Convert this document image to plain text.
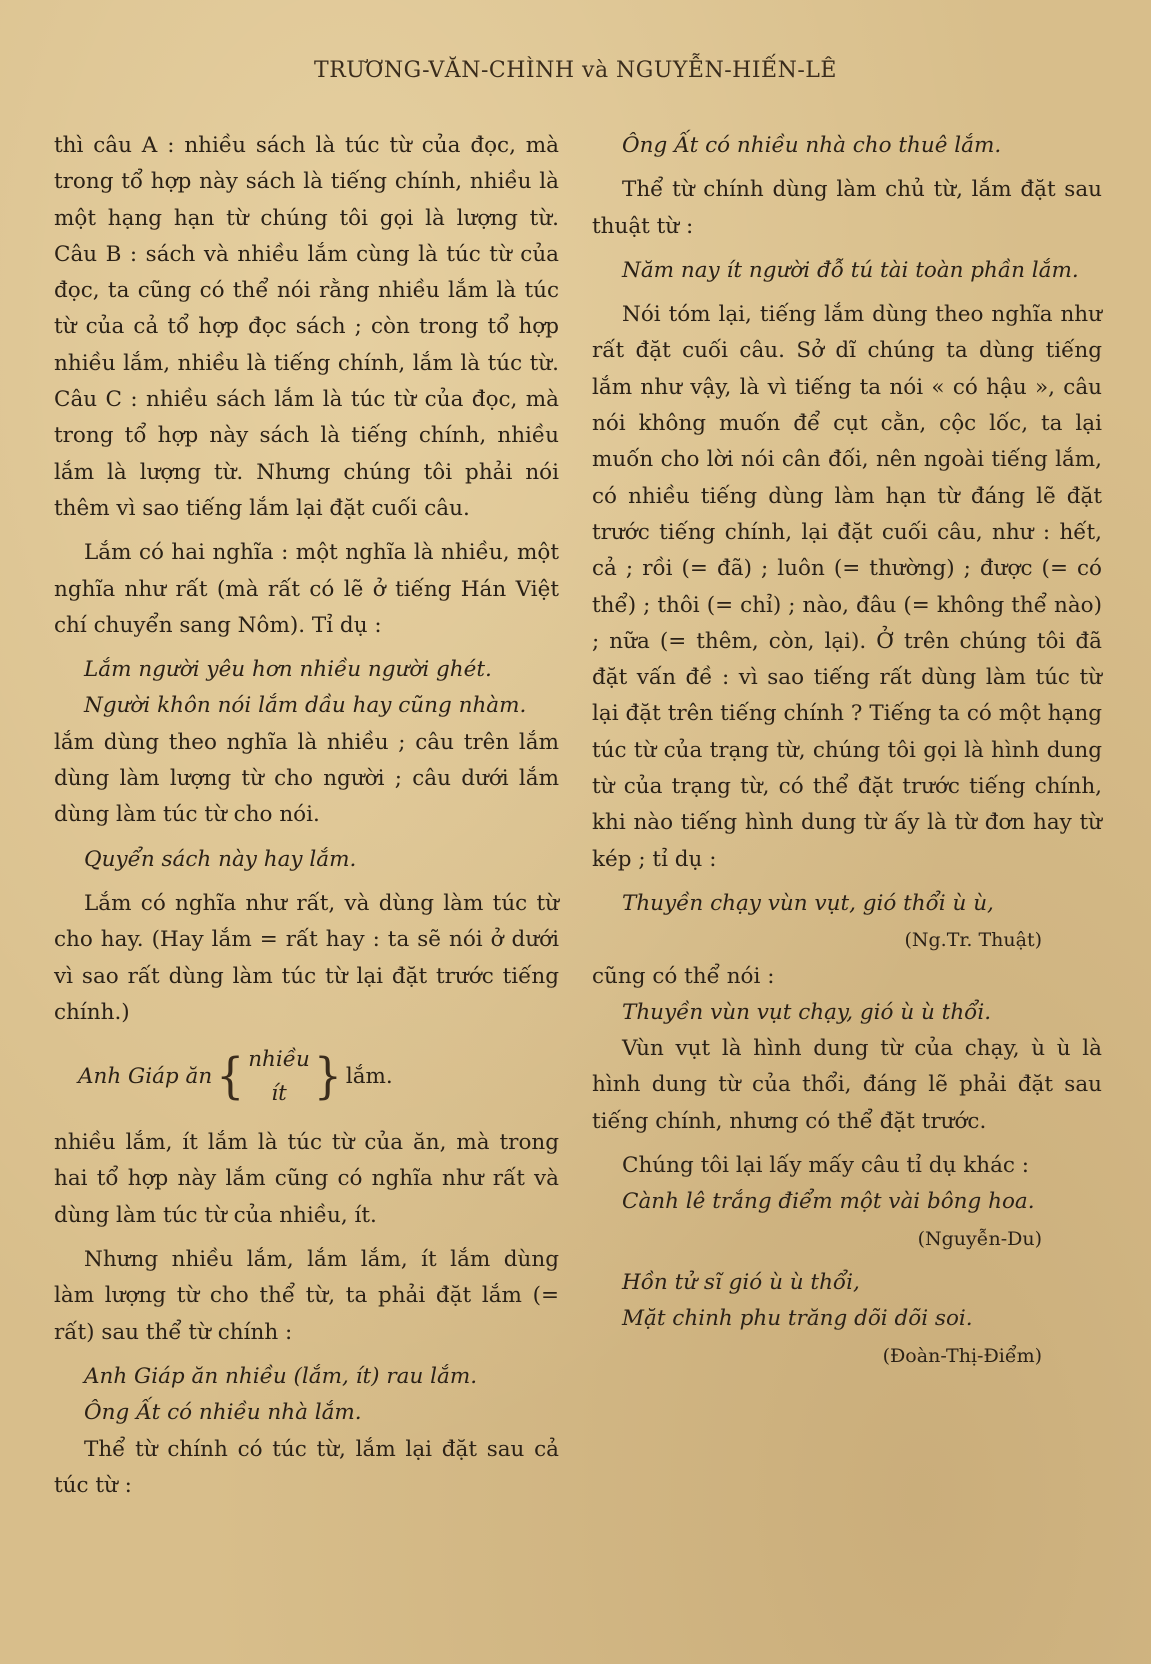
TRƯƠNG-VĂN-CHÌNH và NGUYỄN-HIẾN-LÊ

thì câu A : nhiều sách là túc từ của đọc, mà trong tổ hợp này sách là tiếng chính, nhiều là một hạng hạn từ chúng tôi gọi là lượng từ. Câu B : sách và nhiều lắm cùng là túc từ của đọc, ta cũng có thể nói rằng nhiều lắm là túc từ của cả tổ hợp đọc sách ; còn trong tổ hợp nhiều lắm, nhiều là tiếng chính, lắm là túc từ. Câu C : nhiều sách lắm là túc từ của đọc, mà trong tổ hợp này sách là tiếng chính, nhiều lắm là lượng từ. Nhưng chúng tôi phải nói thêm vì sao tiếng lắm lại đặt cuối câu.

Lắm có hai nghĩa : một nghĩa là nhiều, một nghĩa như rất (mà rất có lẽ ở tiếng Hán Việt chí chuyển sang Nôm). Tỉ dụ :

Lắm người yêu hơn nhiều người ghét.

Người khôn nói lắm dầu hay cũng nhàm.

lắm dùng theo nghĩa là nhiều ; câu trên lắm dùng làm lượng từ cho người ; câu dưới lắm dùng làm túc từ cho nói.

Quyển sách này hay lắm.

Lắm có nghĩa như rất, và dùng làm túc từ cho hay. (Hay lắm = rất hay : ta sẽ nói ở dưới vì sao rất dùng làm túc từ lại đặt trước tiếng chính.)

Anh Giáp ăn { nhiều
ít } lắm.

nhiều lắm, ít lắm là túc từ của ăn, mà trong hai tổ hợp này lắm cũng có nghĩa như rất và dùng làm túc từ của nhiều, ít.

Nhưng nhiều lắm, lắm lắm, ít lắm dùng làm lượng từ cho thể từ, ta phải đặt lắm (= rất) sau thể từ chính :

Anh Giáp ăn nhiều (lắm, ít) rau lắm.

Ông Ất có nhiều nhà lắm.

Thể từ chính có túc từ, lắm lại đặt sau cả túc từ :

Ông Ất có nhiều nhà cho thuê lắm.

Thể từ chính dùng làm chủ từ, lắm đặt sau thuật từ :

Năm nay ít người đỗ tú tài toàn phần lắm.

Nói tóm lại, tiếng lắm dùng theo nghĩa như rất đặt cuối câu. Sở dĩ chúng ta dùng tiếng lắm như vậy, là vì tiếng ta nói « có hậu », câu nói không muốn để cụt cằn, cộc lốc, ta lại muốn cho lời nói cân đối, nên ngoài tiếng lắm, có nhiều tiếng dùng làm hạn từ đáng lẽ đặt trước tiếng chính, lại đặt cuối câu, như : hết, cả ; rồi (= đã) ; luôn (= thường) ; được (= có thể) ; thôi (= chỉ) ; nào, đâu (= không thể nào) ; nữa (= thêm, còn, lại). Ở trên chúng tôi đã đặt vấn đề : vì sao tiếng rất dùng làm túc từ lại đặt trên tiếng chính ? Tiếng ta có một hạng túc từ của trạng từ, chúng tôi gọi là hình dung từ của trạng từ, có thể đặt trước tiếng chính, khi nào tiếng hình dung từ ấy là từ đơn hay từ kép ; tỉ dụ :

Thuyền chạy vùn vụt, gió thổi ù ù,

(Ng.Tr. Thuật)

cũng có thể nói :

Thuyền vùn vụt chạy, gió ù ù thổi.

Vùn vụt là hình dung từ của chạy, ù ù là hình dung từ của thổi, đáng lẽ phải đặt sau tiếng chính, nhưng có thể đặt trước.

Chúng tôi lại lấy mấy câu tỉ dụ khác :

Cành lê trắng điểm một vài bông hoa.

(Nguyễn-Du)

Hồn tử sĩ gió ù ù thổi,

Mặt chinh phu trăng dõi dõi soi.

(Đoàn-Thị-Điểm)
